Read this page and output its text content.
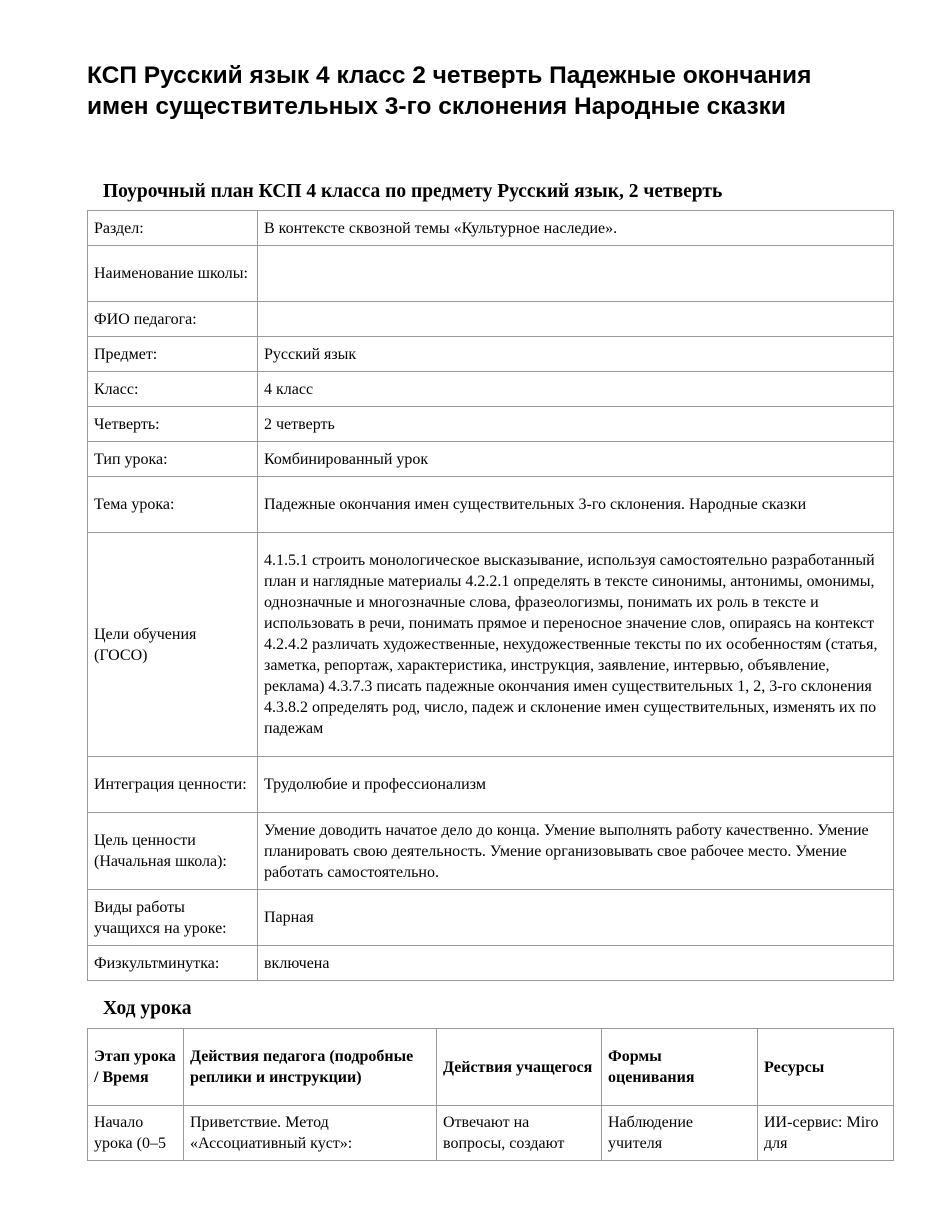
КСП Русский язык 4 класс 2 четверть Падежные окончания имен существительных 3-го склонения Народные сказки
Поурочный план КСП 4 класса по предмету Русский язык, 2 четверть
Раздел:	В контексте сквозной темы «Культурное наследие».
Наименование школы:	
ФИО педагога:	
Предмет:	Русский язык
Класс:	4 класс
Четверть:	2 четверть
Тип урока:	Комбинированный урок
Тема урока:	Падежные окончания имен существительных 3-го склонения. Народные сказки
Цели обучения (ГОСО)	4.1.5.1 строить монологическое высказывание, используя самостоятельно разработанный план и наглядные материалы 4.2.2.1 определять в тексте синонимы, антонимы, омонимы, однозначные и многозначные слова, фразеологизмы, понимать их роль в тексте и использовать в речи, понимать прямое и переносное значение слов, опираясь на контекст 4.2.4.2 различать художественные, нехудожественные тексты по их особенностям (статья, заметка, репортаж, характеристика, инструкция, заявление, интервью, объявление, реклама) 4.3.7.3 писать падежные окончания имен существительных 1, 2, 3-го склонения 4.3.8.2 определять род, число, падеж и склонение имен существительных, изменять их по падежам
Интеграция ценности:	Трудолюбие и профессионализм
Цель ценности (Начальная школа):	Умение доводить начатое дело до конца. Умение выполнять работу качественно. Умение планировать свою деятельность. Умение организовывать свое рабочее место. Умение работать самостоятельно.
Виды работы учащихся на уроке:	Парная
Физкультминутка:	включена
Ход урока
Этап урока / Время	Действия педагога (подробные реплики и инструкции)	Действия учащегося	Формы оценивания	Ресурсы
Начало урока (0–5	Приветствие. Метод «Ассоциативный куст»:	Отвечают на вопросы, создают	Наблюдение учителя	ИИ-сервис: Miro для
